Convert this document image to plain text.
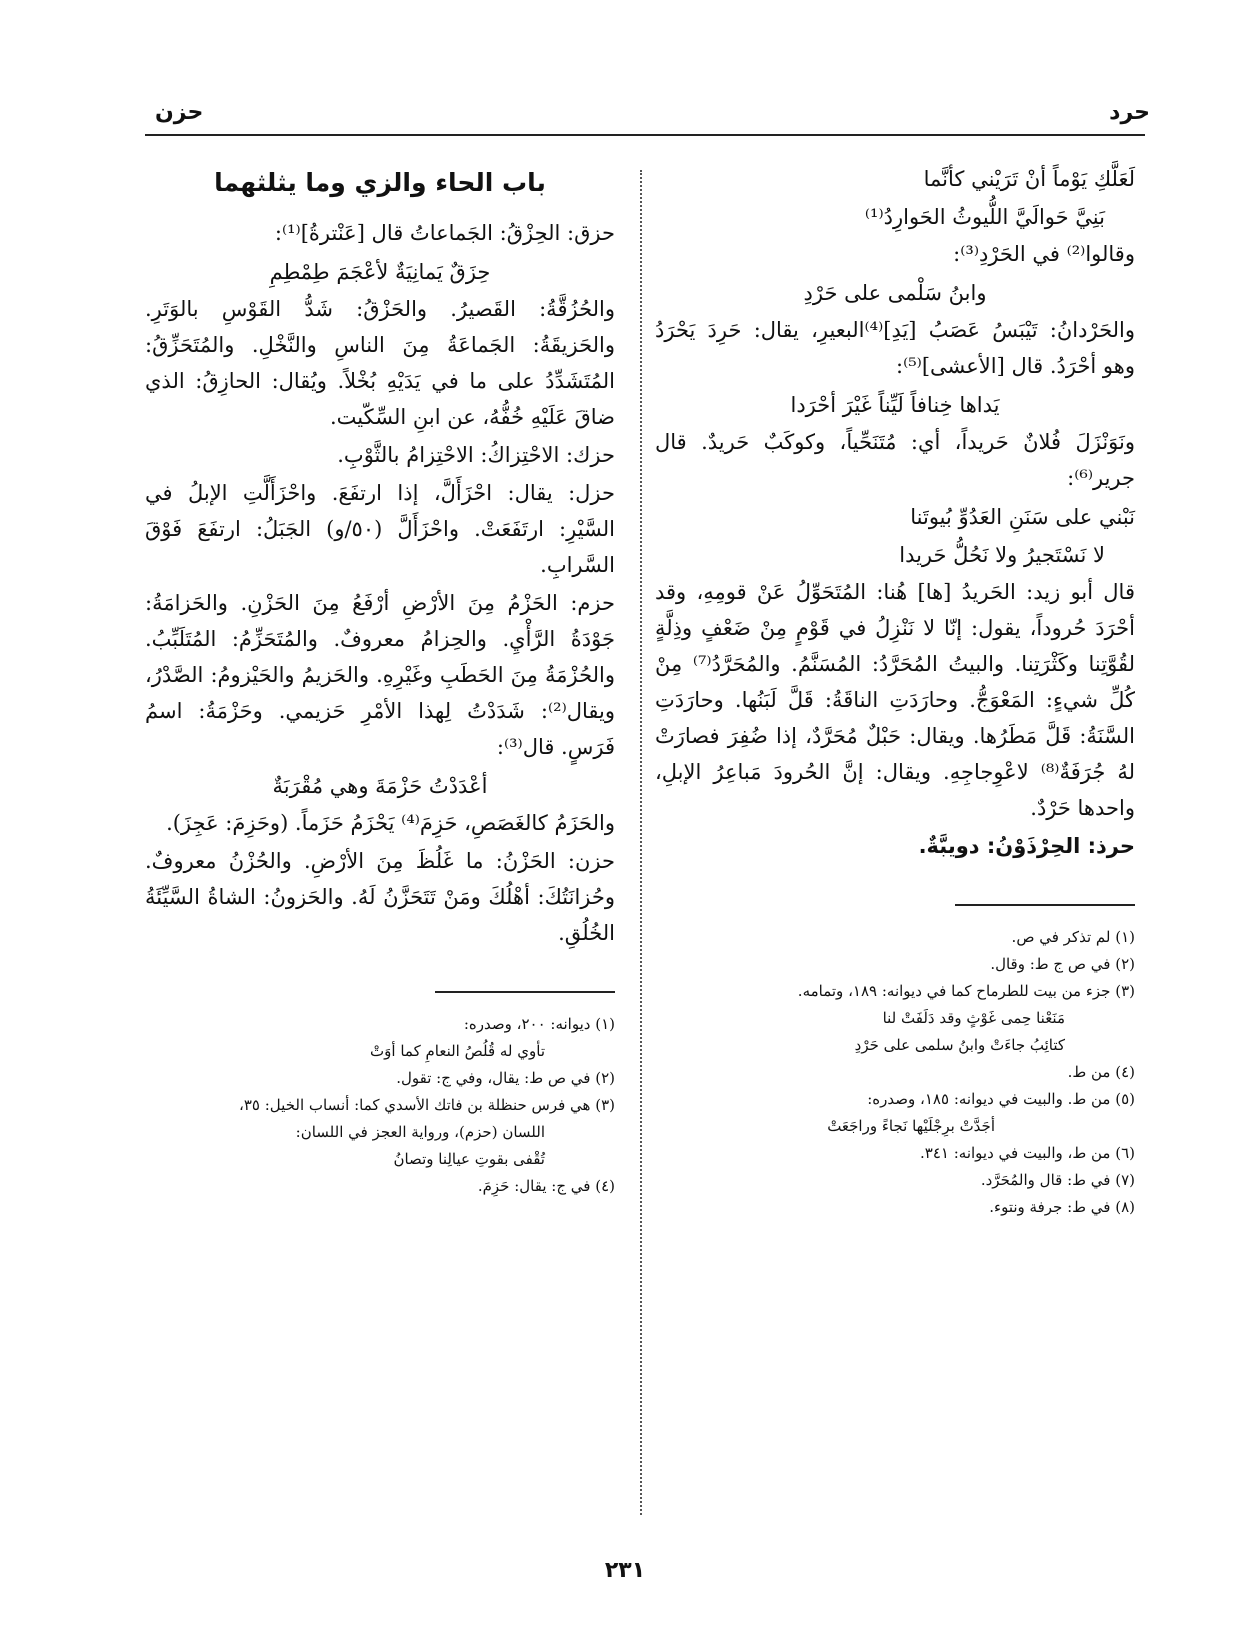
حرد
حزن

لَعَلَّكِ يَوْماً أنْ تَرَيْني كأنَّما

بَنِيَّ حَوالَيَّ اللُّيوثُ الحَوارِدُ⁽¹⁾

وقالوا⁽²⁾ في الحَرْدِ⁽³⁾:

وابنُ سَلْمى على حَرْدِ

والحَرْدانُ: تَيْبَسُ عَصَبُ [يَدِ]⁽⁴⁾البعيرِ، يقال: حَرِدَ يَحْرَدُ وهو أحْرَدُ. قال [الأعشى]⁽⁵⁾:

يَداها خِنافاً لَيِّناً غَيْرَ أحْرَدا

ونَوَنْزَلَ فُلانٌ حَريداً، أي: مُتَنَحِّياً، وكوكَبٌ حَريدٌ. قال جرير⁽⁶⁾:

نَبْني على سَنَنِ العَدُوِّ بُيوتَنا

لا نَسْتَجيرُ ولا نَحُلُّ حَريدا

قال أبو زيد: الحَريدُ [ها] هُنا: المُتَحَوِّلُ عَنْ قومِهِ، وقد أحْرَدَ حُروداً، يقول: إنّا لا نَنْزِلُ في قَوْمٍ مِنْ ضَعْفٍ وذِلَّةٍ لقُوَّتِنا وكَثْرَتِنا. والبيتُ المُحَرَّدُ: المُسَنَّمُ. والمُحَرَّدُ⁽⁷⁾ مِنْ كُلِّ شيءٍ: المَعْوَجُّ. وحارَدَتِ الناقَةُ: قَلَّ لَبَنُها. وحارَدَتِ السَّنَةُ: قَلَّ مَطَرُها. ويقال: حَبْلٌ مُحَرَّدٌ، إذا ضُفِرَ فصارَتْ لهُ جُرَفَةٌ⁽⁸⁾ لاعْوِجاجِهِ. ويقال: إنَّ الحُرودَ مَباعِرُ الإبلِ، واحدها حَرْدٌ.

حرذ: الحِرْذَوْنُ: دويبَّةٌ.

(١) لم تذكر في ص.

(٢) في ص ج ط: وقال.

(٣) جزء من بيت للطرماح كما في ديوانه: ١٨٩، وتمامه.

مَنَعْنا حِمى غَوْثٍ وقد دَلَفَتْ لنا

كتائِبُ جاءَتْ وابنُ سلمى على حَرْدِ

(٤) من ط.

(٥) من ط. والبيت في ديوانه: ١٨٥، وصدره:

أجَدَّتْ برِجْلَيْها نَجاءً وراجَعَتْ

(٦) من ط، والبيت في ديوانه: ٣٤١.

(٧) في ط: قال والمُحَرَّد.

(٨) في ط: جرفة ونتوء.

باب الحاء والزي وما يثلثهما

حزق: الحِزْقُ: الجَماعاتُ قال [عَنْترةُ]⁽¹⁾:

حِزَقٌ يَمانِيَةٌ لأعْجَمَ طِمْطِمِ

والحُزُقَّةُ: القَصيرُ. والحَزْقُ: شَدُّ القَوْسِ بالوَتَرِ. والحَزيقَةُ: الجَماعَةُ مِنَ الناسِ والنَّخْلِ. والمُتَحَزِّقُ: المُتَشَدِّدُ على ما في يَدَيْهِ بُخْلاً. ويُقال: الحازِقُ: الذي ضاقَ عَلَيْهِ خُفُّهُ، عن ابنِ السِّكّيت.

حزك: الاحْتِزاكُ: الاحْتِزامُ بالثَّوْبِ.

حزل: يقال: احْزَأَلَّ، إذا ارتفَعَ. واحْزَأَلَّتِ الإبلُ في السَّيْرِ: ارتَفَعَتْ. واحْزَأَلَّ (٥٠/و) الجَبَلُ: ارتفَعَ فَوْقَ السَّرابِ.

حزم: الحَزْمُ مِنَ الأرْضِ أرْفَعُ مِنَ الحَزْنِ. والحَزامَةُ: جَوْدَةُ الرَّأْيِ. والحِزامُ معروفٌ. والمُتَحَزِّمُ: المُتَلَبِّبُ. والحُزْمَةُ مِنَ الحَطَبِ وغَيْرِهِ. والحَزيمُ والحَيْزومُ: الصَّدْرُ، ويقال⁽²⁾: شَدَدْتُ لِهذا الأمْرِ حَزيمي. وحَزْمَةُ: اسمُ فَرَسٍ. قال⁽³⁾:

أعْدَدْتُ حَزْمَةَ وهي مُقْرَبَةٌ

والحَزَمُ كالغَصَصِ، حَزِمَ⁽⁴⁾ يَحْزَمُ حَزَماً. (وحَزِمَ: عَجِزَ).

حزن: الحَزْنُ: ما غَلُظَ مِنَ الأرْضِ. والحُزْنُ معروفٌ. وحُزانَتُكَ: أهْلُكَ ومَنْ تَتَحَزَّنُ لَهُ. والحَزونُ: الشاةُ السَّيِّئَةُ الخُلُقِ.

(١) ديوانه: ٢٠٠، وصدره:

تأوي له قُلُصُ النعامِ كما أوَتْ

(٢) في ص ط: يقال، وفي ج: تقول.

(٣) هي فرس حنظلة بن فاتك الأسدي كما: أنساب الخيل: ٣٥،

اللسان (حزم)، ورواية العجز في اللسان:

تُقْفى بقوتِ عيالِنا وتصانُ

(٤) في ج: يقال: حَزِمَ.

٢٣١
